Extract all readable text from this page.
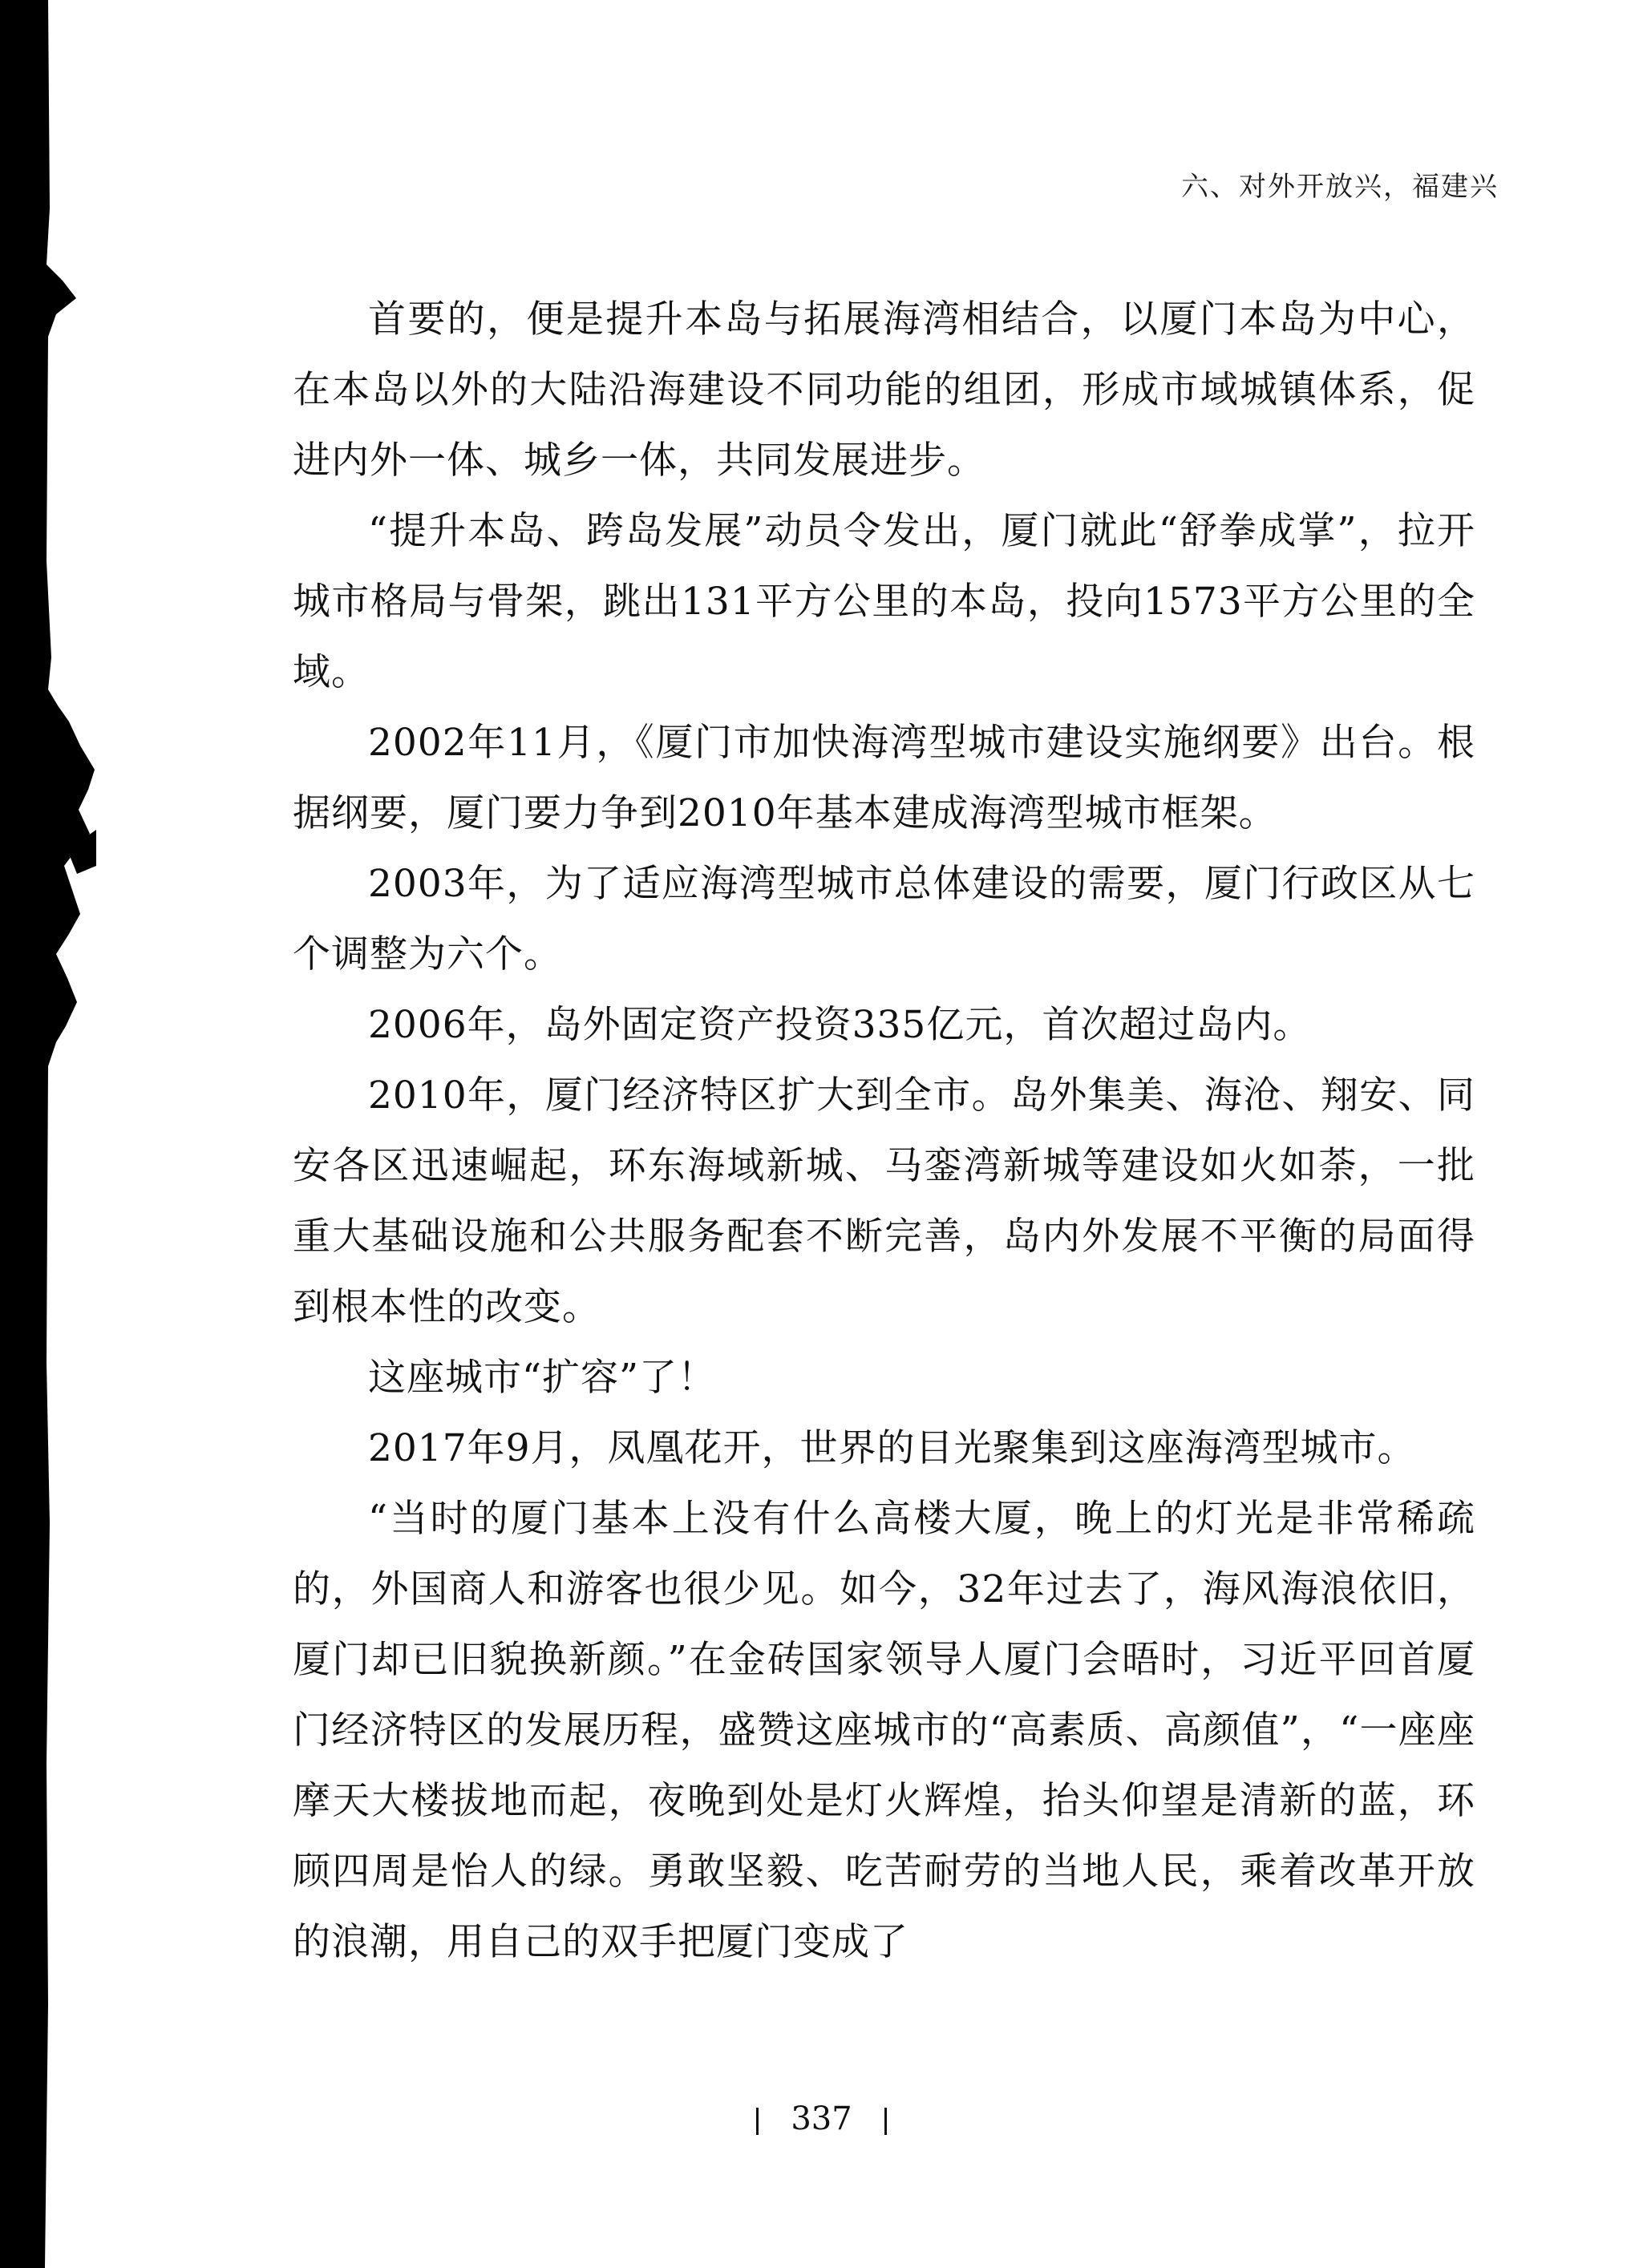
六、对外开放兴，福建兴

首要的，便是提升本岛与拓展海湾相结合，以厦门本岛为中心，在本岛以外的大陆沿海建设不同功能的组团，形成市域城镇体系，促进内外一体、城乡一体，共同发展进步。

“提升本岛、跨岛发展”动员令发出，厦门就此“舒拳成掌”，拉开城市格局与骨架，跳出131平方公里的本岛，投向1573平方公里的全域。

2002年11月，《厦门市加快海湾型城市建设实施纲要》出台。根据纲要，厦门要力争到2010年基本建成海湾型城市框架。

2003年，为了适应海湾型城市总体建设的需要，厦门行政区从七个调整为六个。

2006年，岛外固定资产投资335亿元，首次超过岛内。

2010年，厦门经济特区扩大到全市。岛外集美、海沧、翔安、同安各区迅速崛起，环东海域新城、马銮湾新城等建设如火如荼，一批重大基础设施和公共服务配套不断完善，岛内外发展不平衡的局面得到根本性的改变。

这座城市“扩容”了！

2017年9月，凤凰花开，世界的目光聚集到这座海湾型城市。

“当时的厦门基本上没有什么高楼大厦，晚上的灯光是非常稀疏的，外国商人和游客也很少见。如今，32年过去了，海风海浪依旧，厦门却已旧貌换新颜。”在金砖国家领导人厦门会晤时，习近平回首厦门经济特区的发展历程，盛赞这座城市的“高素质、高颜值”，“一座座摩天大楼拔地而起，夜晚到处是灯火辉煌，抬头仰望是清新的蓝，环顾四周是怡人的绿。勇敢坚毅、吃苦耐劳的当地人民，乘着改革开放的浪潮，用自己的双手把厦门变成了

337
